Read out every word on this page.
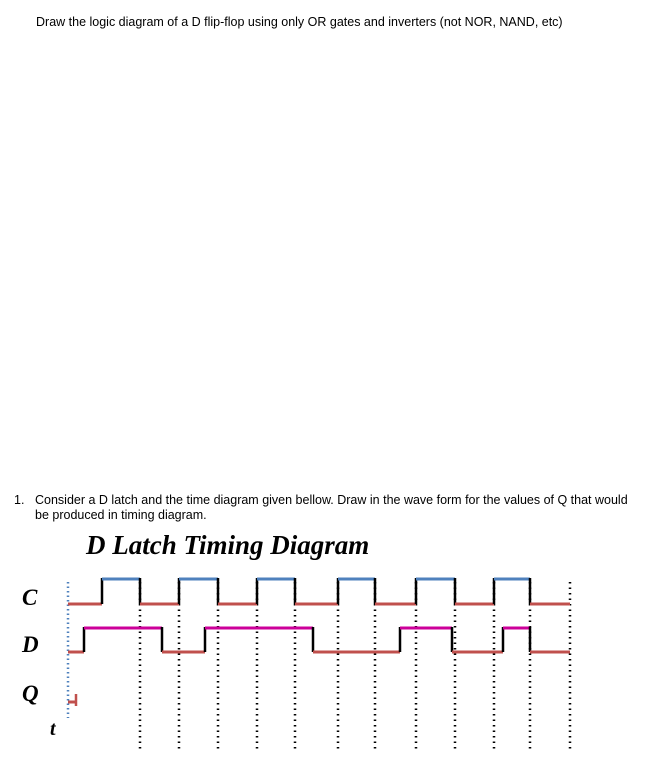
Draw the logic diagram of a D flip-flop using only OR gates and inverters (not NOR, NAND, etc)
1. Consider a D latch and the time diagram given bellow. Draw in the wave form for the values of Q that would be produced in timing diagram.
D Latch Timing Diagram
C
D
Q
t
